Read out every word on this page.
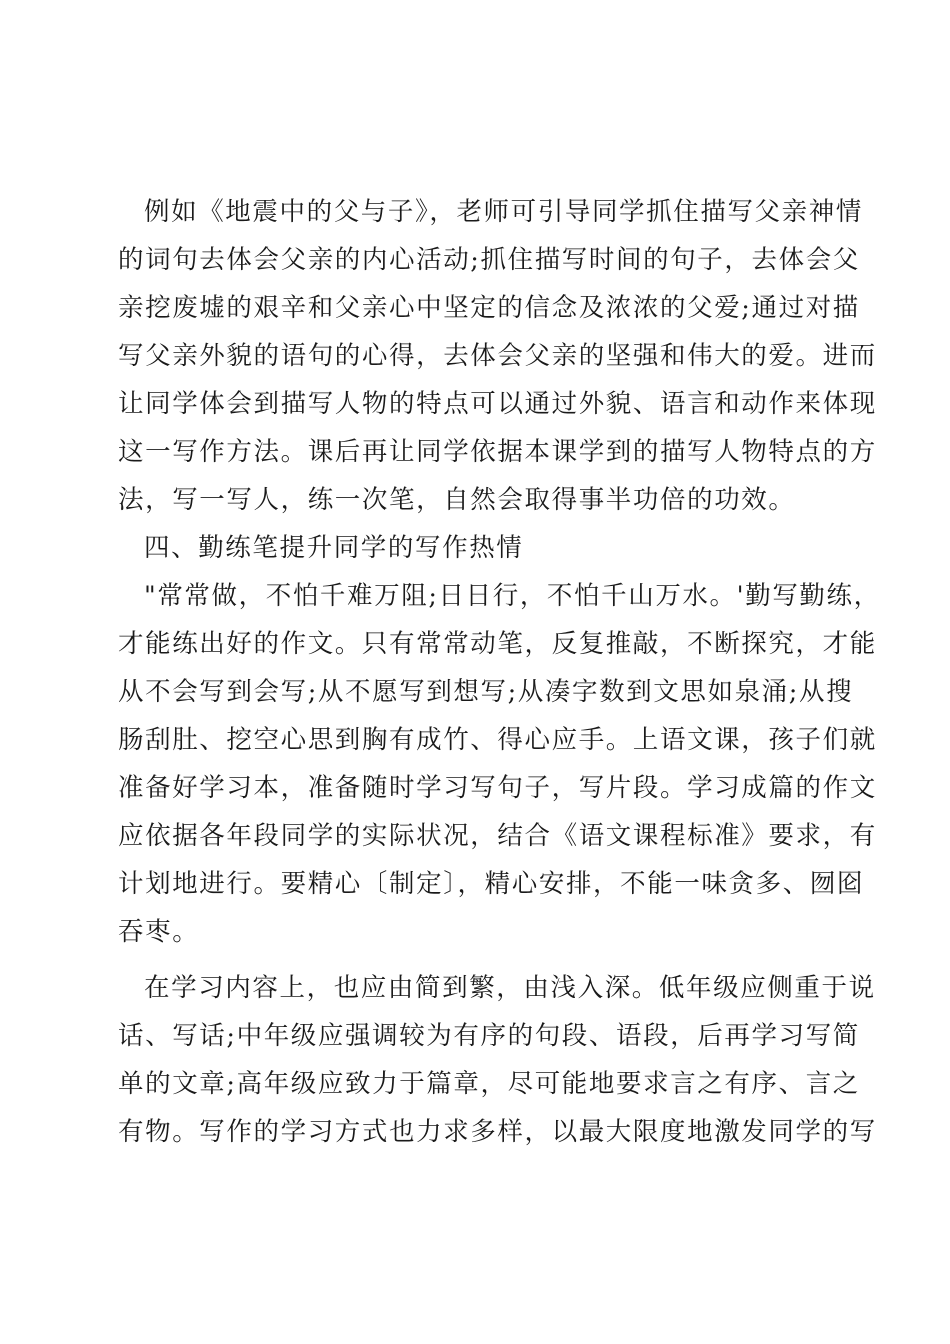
例如《地震中的父与子》，老师可引导同学抓住描写父亲神情
的词句去体会父亲的内心活动;抓住描写时间的句子，去体会父
亲挖废墟的艰辛和父亲心中坚定的信念及浓浓的父爱;通过对描
写父亲外貌的语句的心得，去体会父亲的坚强和伟大的爱。进而
让同学体会到描写人物的特点可以通过外貌、语言和动作来体现
这一写作方法。课后再让同学依据本课学到的描写人物特点的方
法，写一写人，练一次笔，自然会取得事半功倍的功效。

四、勤练笔提升同学的写作热情

"常常做，不怕千难万阻;日日行，不怕千山万水。'勤写勤练，
才能练出好的作文。只有常常动笔，反复推敲，不断探究，才能
从不会写到会写;从不愿写到想写;从凑字数到文思如泉涌;从搜
肠刮肚、挖空心思到胸有成竹、得心应手。上语文课，孩子们就
准备好学习本，准备随时学习写句子，写片段。学习成篇的作文
应依据各年段同学的实际状况，结合《语文课程标准》要求，有
计划地进行。要精心〔制定〕，精心安排，不能一味贪多、囫囵
吞枣。

在学习内容上，也应由简到繁，由浅入深。低年级应侧重于说
话、写话;中年级应强调较为有序的句段、语段，后再学习写简
单的文章;高年级应致力于篇章，尽可能地要求言之有序、言之
有物。写作的学习方式也力求多样，以最大限度地激发同学的写
